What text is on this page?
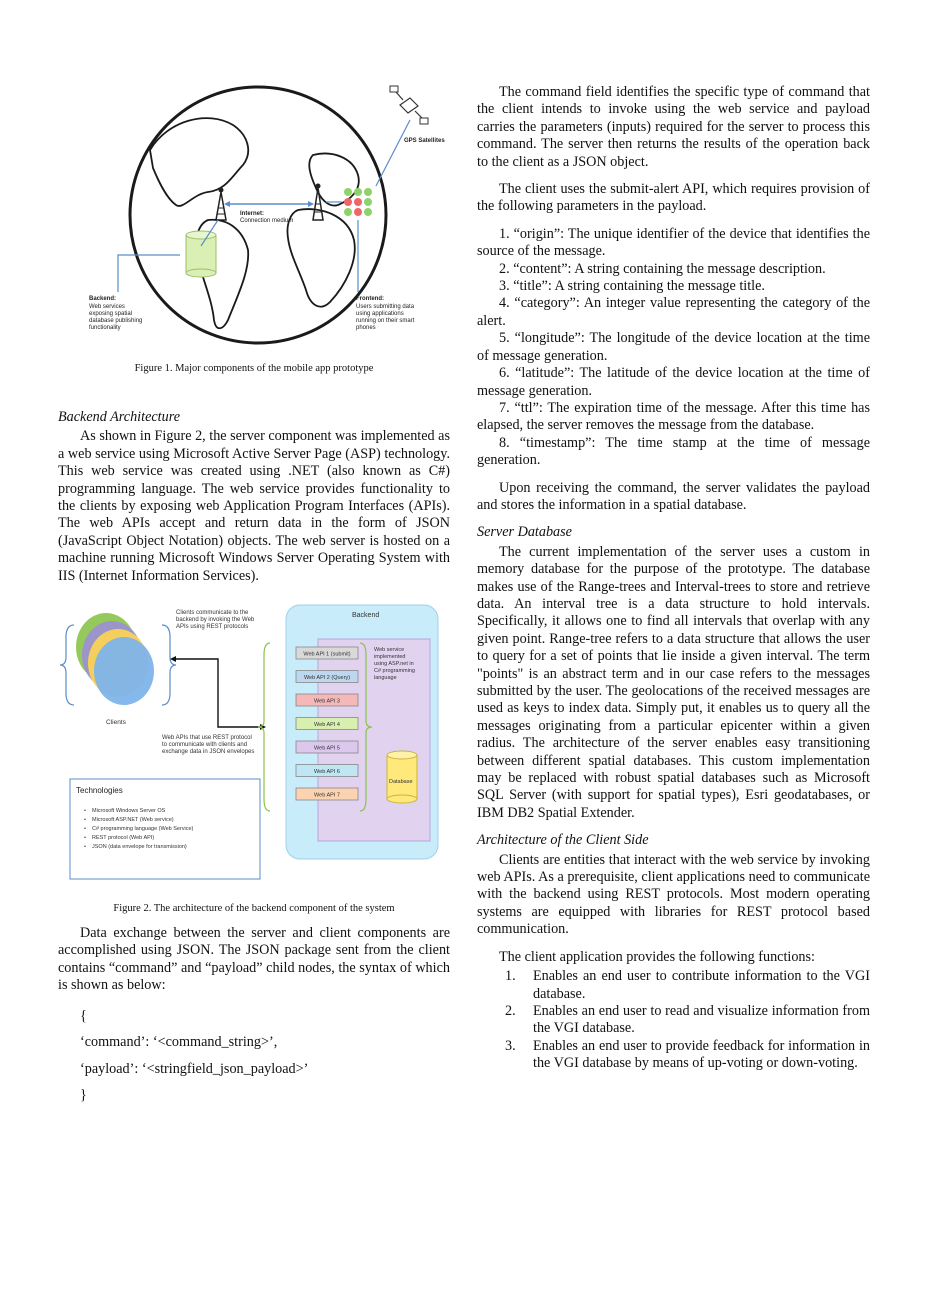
Internet:
Connection medium
GPS Satellites
Backend:
Web services
exposing spatial
database publishing
functionality
Frontend:
Users submitting data
using applications
running on their smart
phones

Figure 1. Major components of the mobile app prototype

Backend Architecture

As shown in Figure 2, the server component was implemented as a web service using Microsoft Active Server Page (ASP) technology. This web service was created using .NET (also known as C#) programming language. The web service provides functionality to the clients by exposing web Application Program Interfaces (APIs). The web APIs accept and return data in the form of JSON (JavaScript Object Notation) objects. The web server is hosted on a machine running Microsoft Windows Server Operating System with IIS (Internet Information Services).

Clients
Clients communicate to the
backend by invoking the Web
APIs using REST protocols
Web APIs that use REST protocol
to communicate with clients and
exchange data in JSON envelopes
Backend
Web API 1 (submit)
Web API 2 (Query)
Web API 3
Web API 4
Web API 5
Web API 6
Web API 7
Web service
implemented
using ASP.net in
C# programming
language
Database
Technologies
• Microsoft Windows Server OS
• Microsoft ASP.NET (Web service)
• C# programming language (Web Service)
• REST protocol (Web API)
• JSON (data envelope for transmission)

Figure 2. The architecture of the backend component of the system

Data exchange between the server and client components are accomplished using JSON. The JSON package sent from the client contains “command” and “payload” child nodes, the syntax of which is shown as below:

{
‘command’: ‘<command_string>’,
‘payload’: ‘<stringfield_json_payload>’
}

The command field identifies the specific type of command that the client intends to invoke using the web service and payload carries the parameters (inputs) required for the server to process this command. The server then returns the results of the operation back to the client as a JSON object.

The client uses the submit-alert API, which requires provision of the following parameters in the payload.

1. “origin”: The unique identifier of the device that identifies the source of the message.

2. “content”: A string containing the message description.

3. “title”: A string containing the message title.

4. “category”: An integer value representing the category of the alert.

5. “longitude”: The longitude of the device location at the time of message generation.

6. “latitude”: The latitude of the device location at the time of message generation.

7. “ttl”: The expiration time of the message. After this time has elapsed, the server removes the message from the database.

8. “timestamp”: The time stamp at the time of message generation.

Upon receiving the command, the server validates the payload and stores the information in a spatial database.

Server Database

The current implementation of the server uses a custom in memory database for the purpose of the prototype. The database makes use of the Range-trees and Interval-trees to store and retrieve data. An interval tree is a data structure to hold intervals. Specifically, it allows one to find all intervals that overlap with any given point. Range-tree refers to a data structure that allows the user to query for a set of points that lie inside a given interval. The term "points" is an abstract term and in our case refers to the messages submitted by the user. The geolocations of the received messages are used as keys to index data. Simply put, it enables us to query all the messages originating from a particular epicenter within a given radius. The architecture of the server enables easy transitioning between different spatial databases. This custom implementation may be replaced with robust spatial databases such as Microsoft SQL Server (with support for spatial types), Esri geodatabases, or IBM DB2 Spatial Extender.

Architecture of the Client Side

Clients are entities that interact with the web service by invoking web APIs. As a prerequisite, client applications need to communicate with the backend using REST protocols. Most modern operating systems are equipped with libraries for REST protocol based communication.

The client application provides the following functions:

1. Enables an end user to contribute information to the VGI database.
2. Enables an end user to read and visualize information from the VGI database.
3. Enables an end user to provide feedback for information in the VGI database by means of up-voting or down-voting.
